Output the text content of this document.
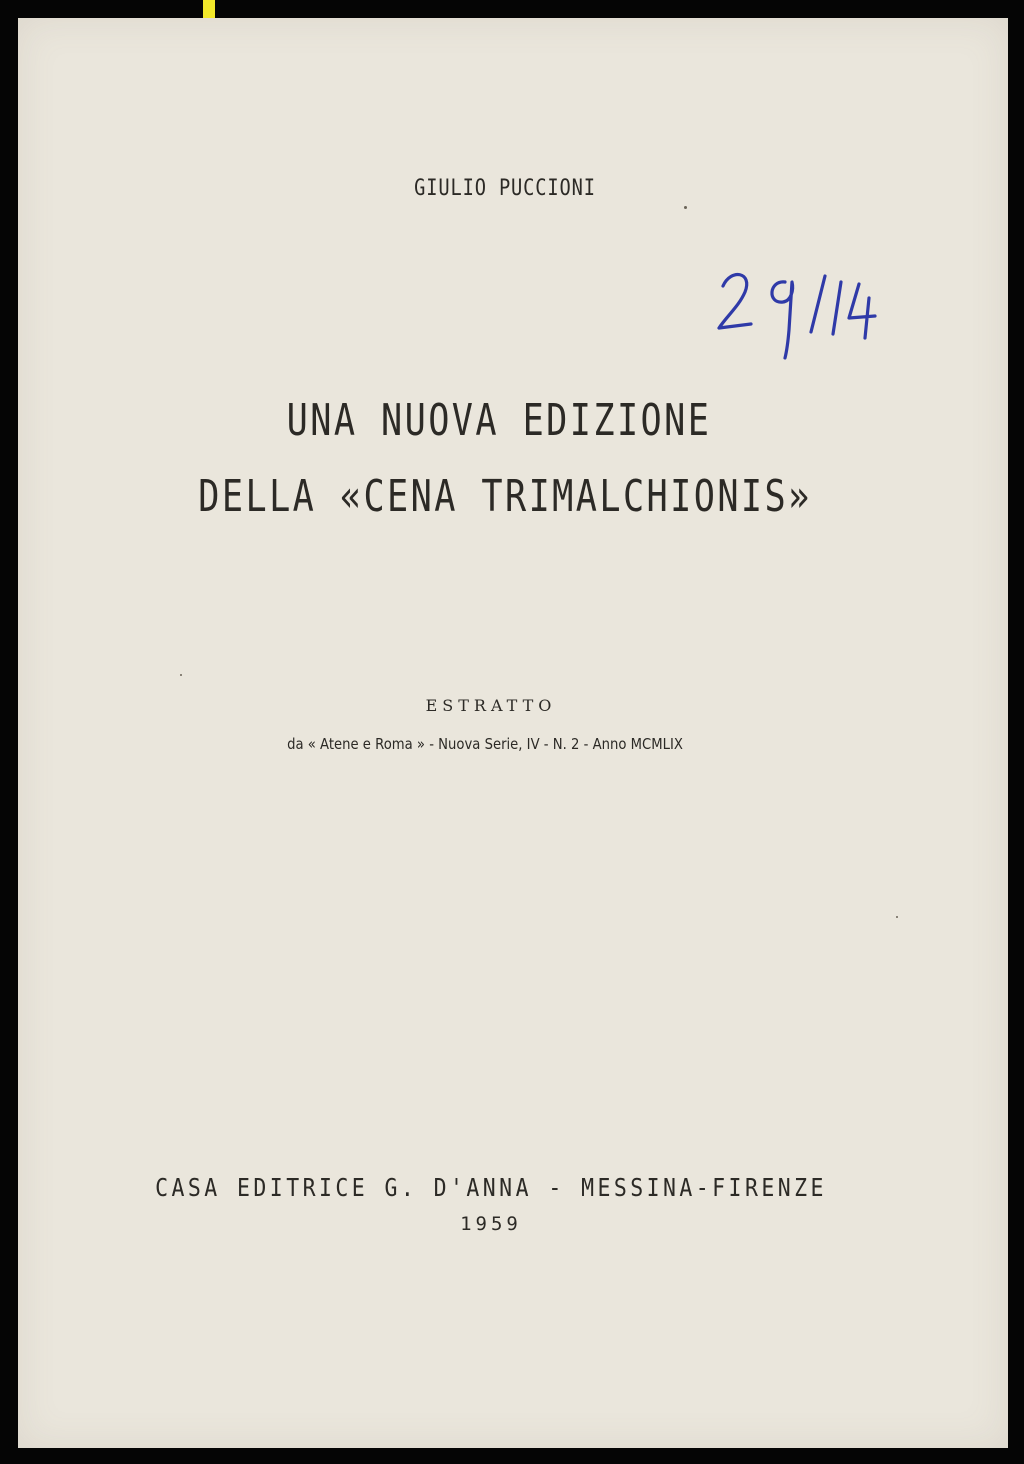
GIULIO PUCCIONI
UNA NUOVA EDIZIONE
DELLA «CENA TRIMALCHIONIS»
ESTRATTO
da « Atene e Roma » - Nuova Serie, IV - N. 2 - Anno MCMLIX
CASA EDITRICE G. D'ANNA - MESSINA-FIRENZE
1959
